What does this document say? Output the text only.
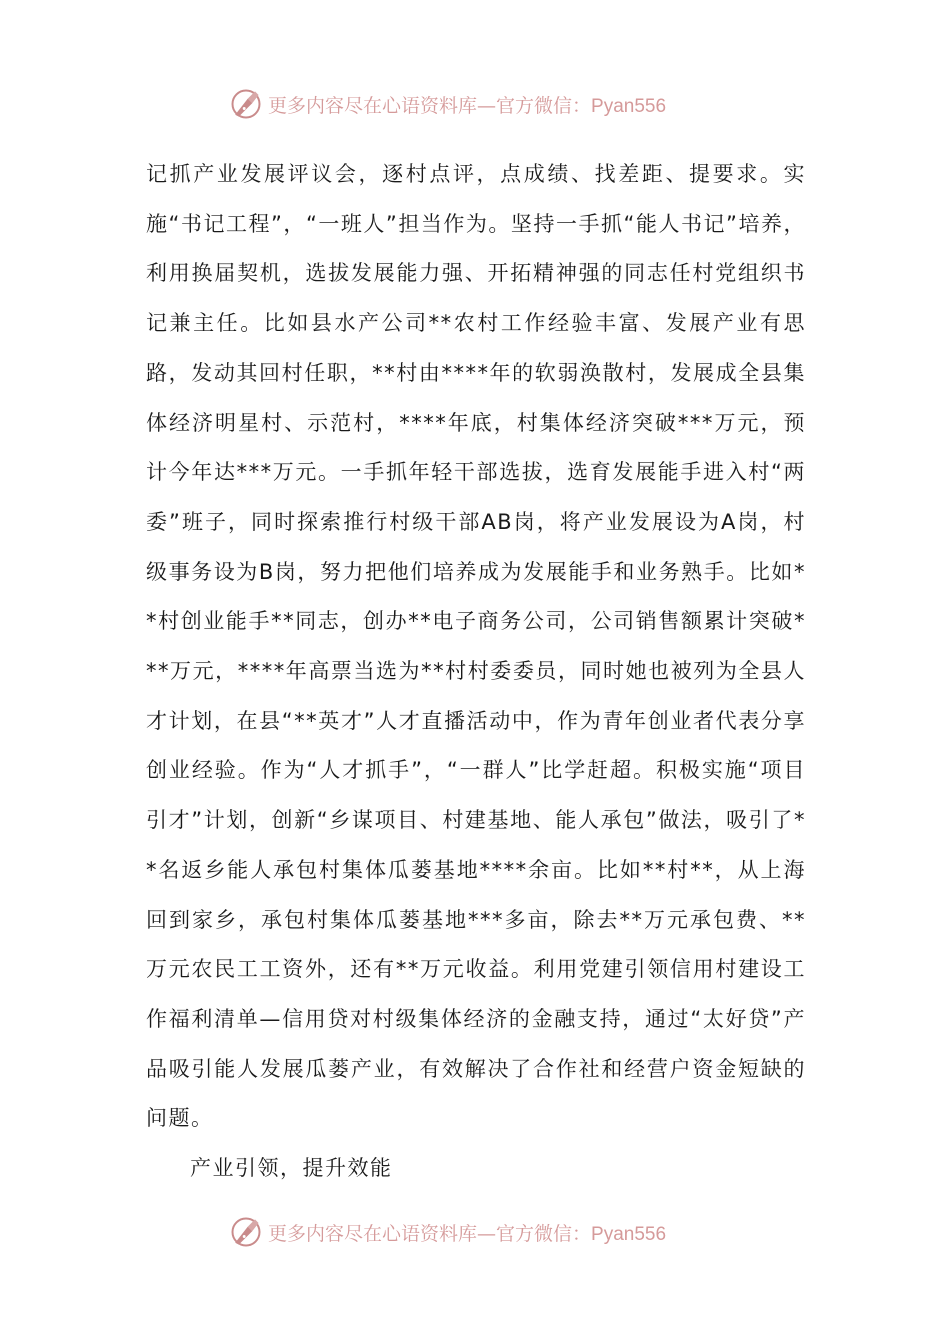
更多内容尽在心语资料库—官方微信：Pyan556

记抓产业发展评议会，逐村点评，点成绩、找差距、提要求。实施“书记工程”，“一班人”担当作为。坚持一手抓“能人书记”培养，利用换届契机，选拔发展能力强、开拓精神强的同志任村党组织书记兼主任。比如县水产公司**农村工作经验丰富、发展产业有思路，发动其回村任职，**村由****年的软弱涣散村，发展成全县集体经济明星村、示范村，****年底，村集体经济突破***万元，预计今年达***万元。一手抓年轻干部选拔，选育发展能手进入村“两委”班子，同时探索推行村级干部AB岗，将产业发展设为A岗，村级事务设为B岗，努力把他们培养成为发展能手和业务熟手。比如**村创业能手**同志，创办**电子商务公司，公司销售额累计突破***万元，****年高票当选为**村村委委员，同时她也被列为全县人才计划，在县“**英才”人才直播活动中，作为青年创业者代表分享创业经验。作为“人才抓手”，“一群人”比学赶超。积极实施“项目引才”计划，创新“乡谋项目、村建基地、能人承包”做法，吸引了**名返乡能人承包村集体瓜蒌基地****余亩。比如**村**，从上海回到家乡，承包村集体瓜蒌基地***多亩，除去**万元承包费、**万元农民工工资外，还有**万元收益。利用党建引领信用村建设工作福利清单—信用贷对村级集体经济的金融支持，通过“太好贷”产品吸引能人发展瓜蒌产业，有效解决了合作社和经营户资金短缺的问题。

产业引领，提升效能

更多内容尽在心语资料库—官方微信：Pyan556
